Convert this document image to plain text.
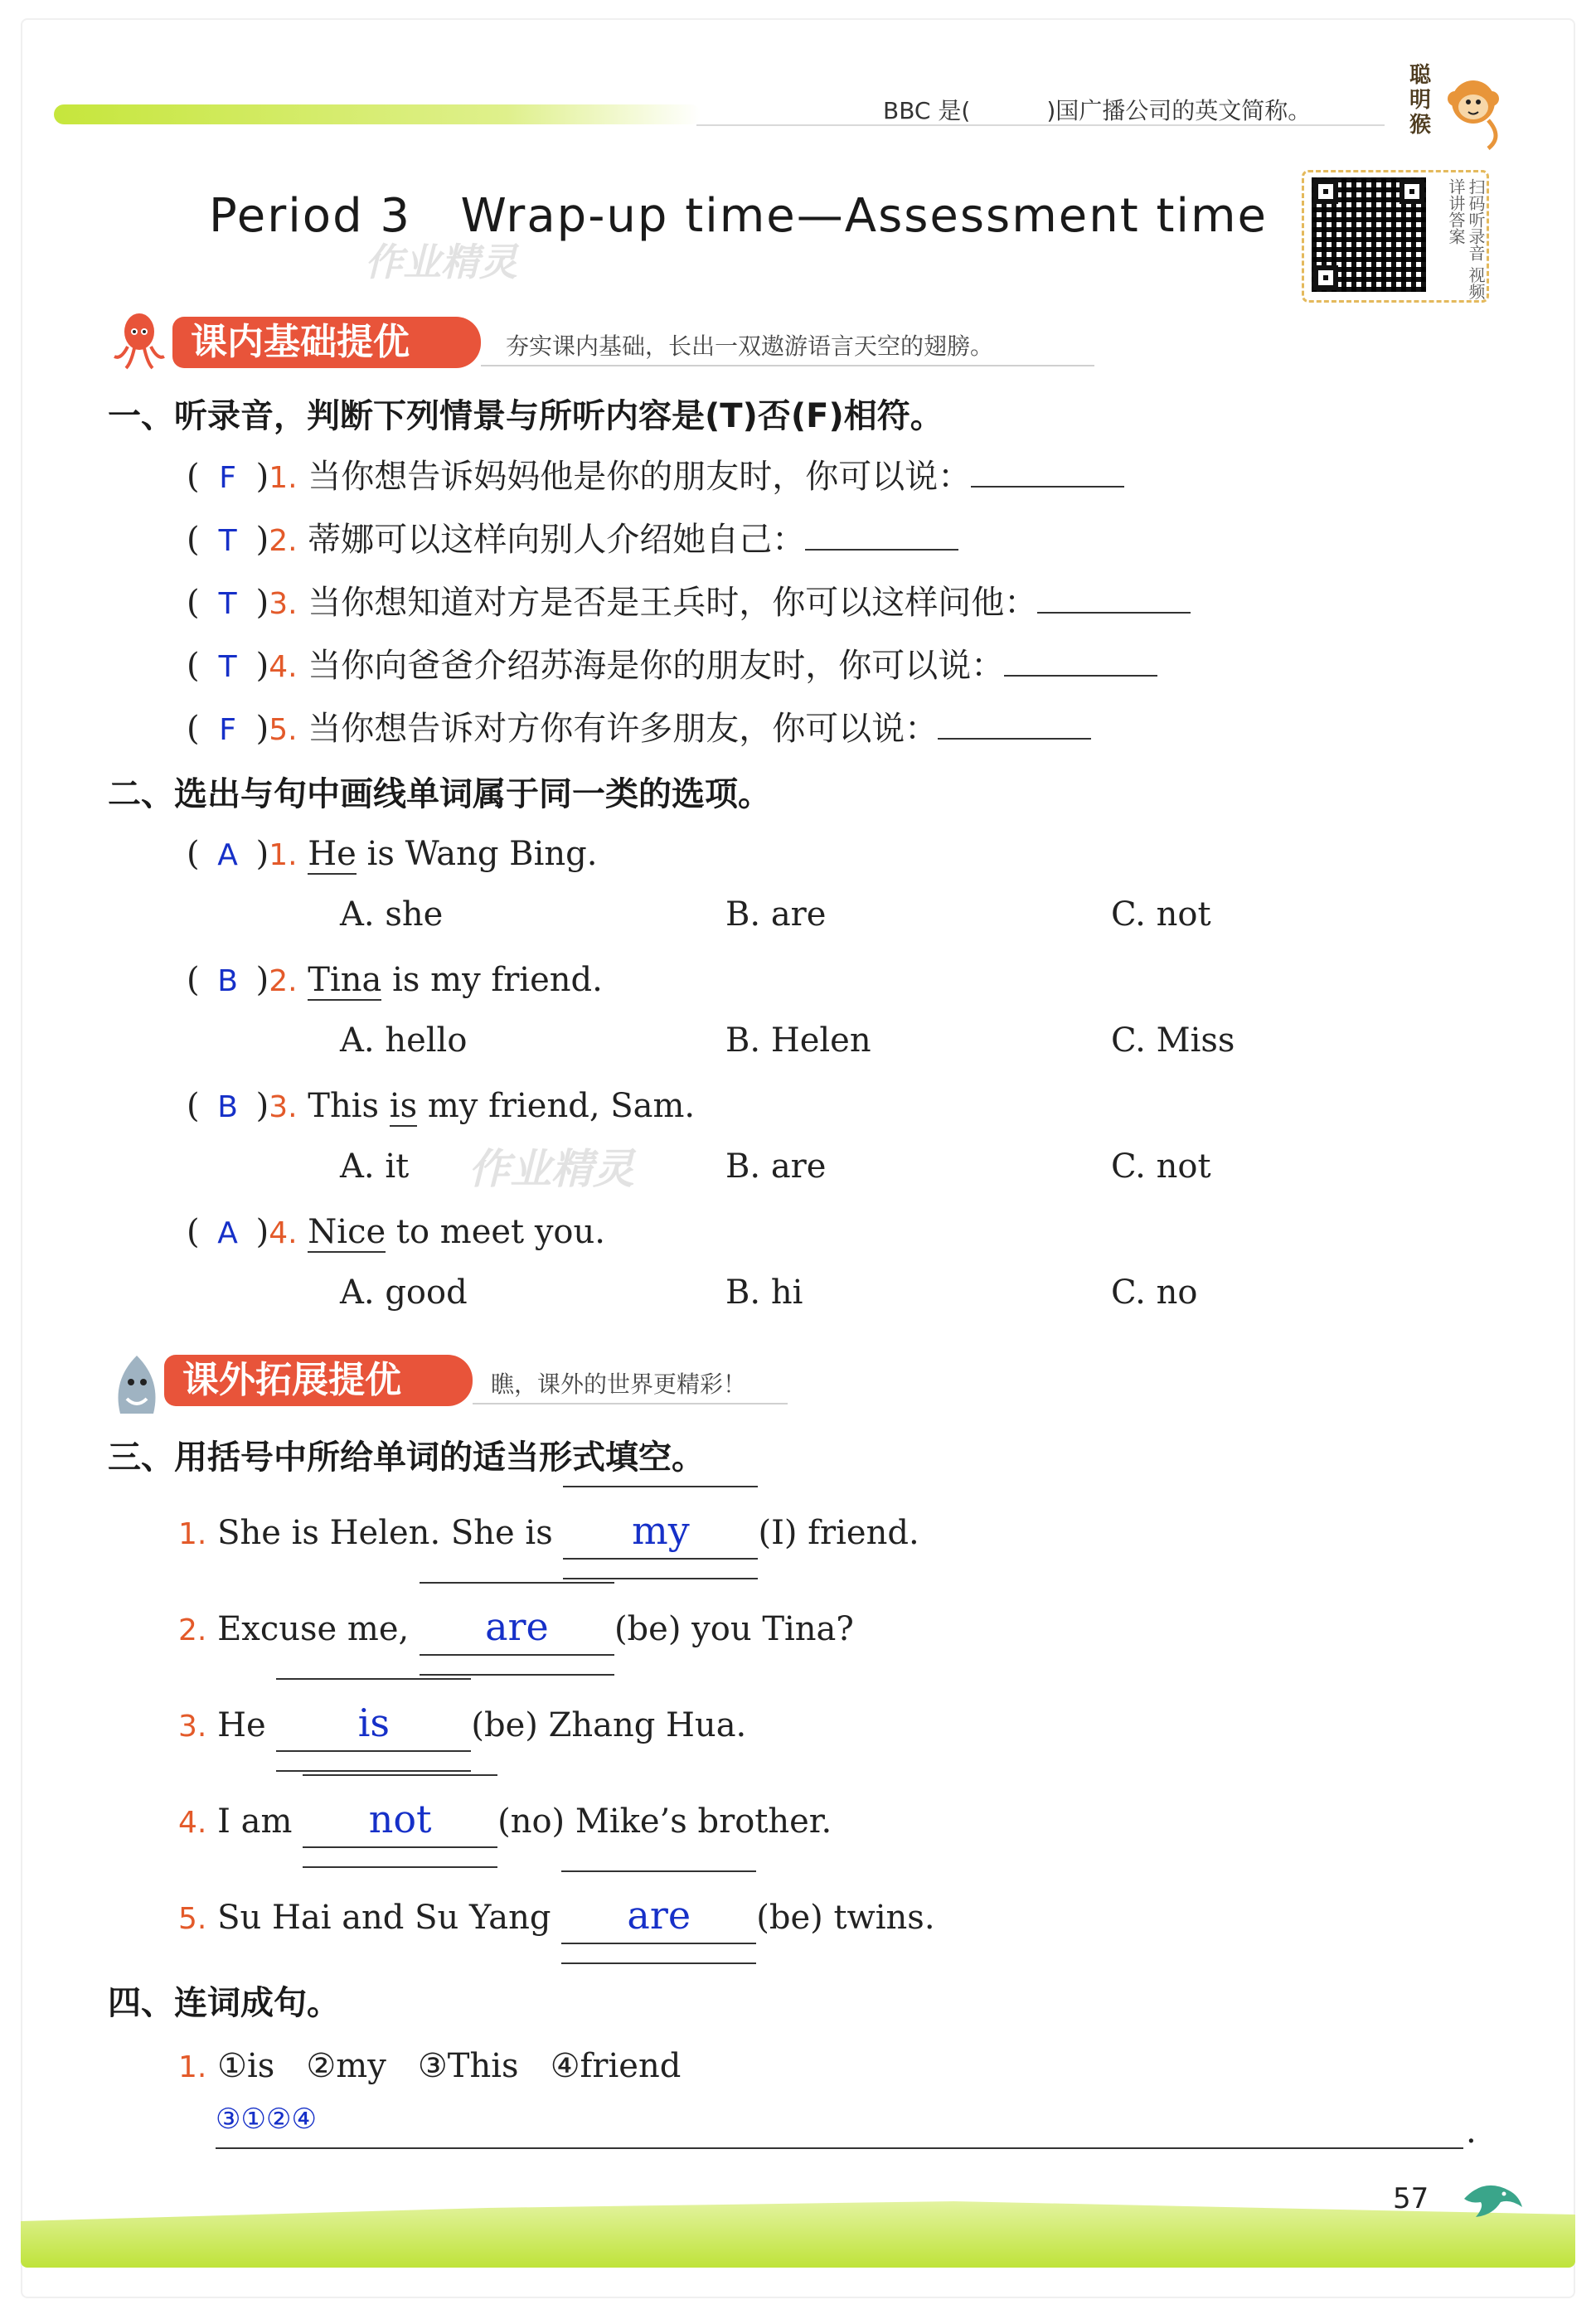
BBC 是(	)国广播公司的英文简称。
聪明猴
Period 3   Wrap-up time—Assessment time
作业精灵	扫码听录音 视频详讲答案
课内基础提优	夯实课内基础，长出一双遨游语言天空的翅膀。
一、听录音，判断下列情景与所听内容是(T)否(F)相符。
( F )1. 当你想告诉妈妈他是你的朋友时，你可以说：
( T )2. 蒂娜可以这样向别人介绍她自己：
( T )3. 当你想知道对方是否是王兵时，你可以这样问他：
( T )4. 当你向爸爸介绍苏海是你的朋友时，你可以说：
( F )5. 当你想告诉对方你有许多朋友，你可以说：
二、选出与句中画线单词属于同一类的选项。
( A )1. He is Wang Bing.
A. she	B. are	C. not
( B )2. Tina is my friend.
A. hello	B. Helen	C. Miss
( B )3. This is my friend, Sam.
A. it 作业精灵	B. are	C. not
( A )4. Nice to meet you.
A. good	B. hi	C. no
课外拓展提优	瞧，课外的世界更精彩！
三、用括号中所给单词的适当形式填空。
1. She is Helen. She is my (I) friend.
2. Excuse me, are (be) you Tina?
3. He is (be) Zhang Hua.
4. I am not (no) Mike’s brother.
5. Su Hai and Su Yang are (be) twins.
四、连词成句。
1. ①is   ②my   ③This   ④friend
③①②④	.
57
